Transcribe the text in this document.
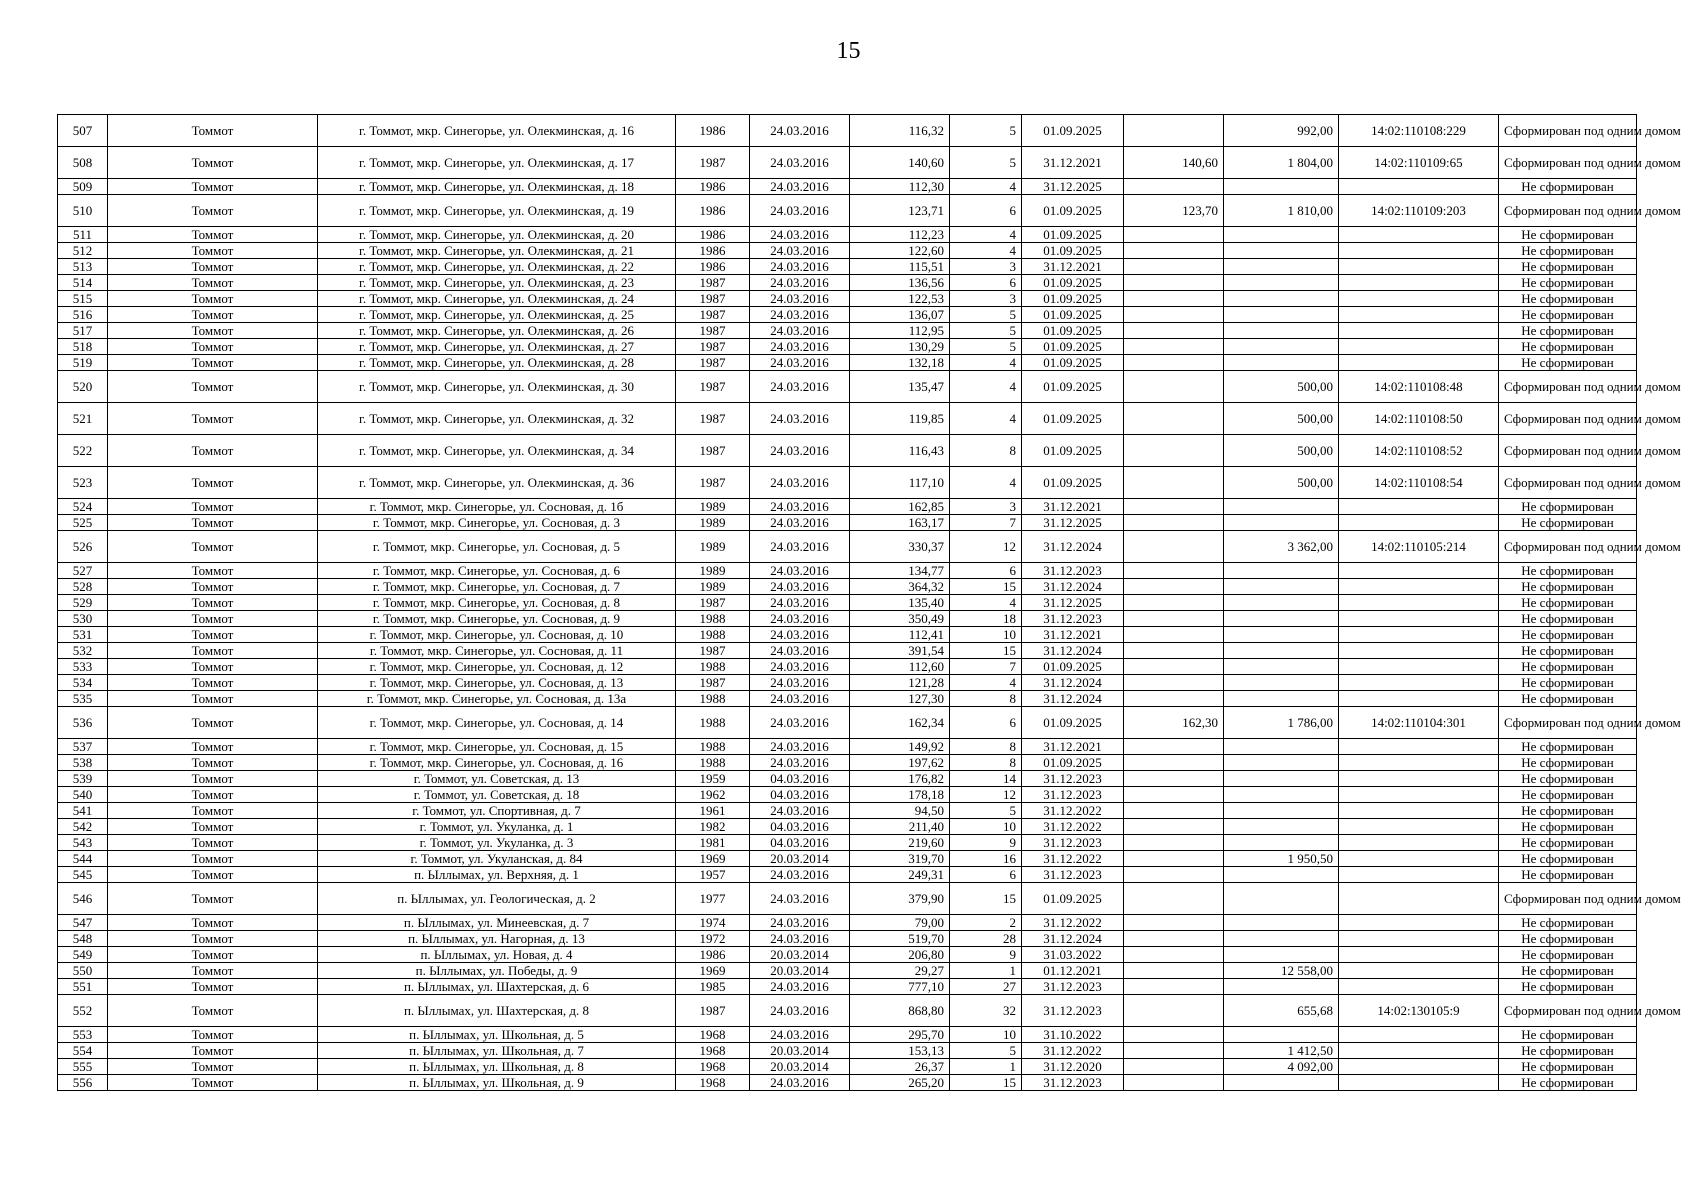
15
507	Томмот	г. Томмот, мкр. Синегорье, ул. Олекминская, д. 16	1986	24.03.2016	116,32	5	01.09.2025		992,00	14:02:110108:229	Сформирован под одним домом
508	Томмот	г. Томмот, мкр. Синегорье, ул. Олекминская, д. 17	1987	24.03.2016	140,60	5	31.12.2021	140,60	1 804,00	14:02:110109:65	Сформирован под одним домом
509	Томмот	г. Томмот, мкр. Синегорье, ул. Олекминская, д. 18	1986	24.03.2016	112,30	4	31.12.2025				Не сформирован
510	Томмот	г. Томмот, мкр. Синегорье, ул. Олекминская, д. 19	1986	24.03.2016	123,71	6	01.09.2025	123,70	1 810,00	14:02:110109:203	Сформирован под одним домом
511	Томмот	г. Томмот, мкр. Синегорье, ул. Олекминская, д. 20	1986	24.03.2016	112,23	4	01.09.2025				Не сформирован
512	Томмот	г. Томмот, мкр. Синегорье, ул. Олекминская, д. 21	1986	24.03.2016	122,60	4	01.09.2025				Не сформирован
513	Томмот	г. Томмот, мкр. Синегорье, ул. Олекминская, д. 22	1986	24.03.2016	115,51	3	31.12.2021				Не сформирован
514	Томмот	г. Томмот, мкр. Синегорье, ул. Олекминская, д. 23	1987	24.03.2016	136,56	6	01.09.2025				Не сформирован
515	Томмот	г. Томмот, мкр. Синегорье, ул. Олекминская, д. 24	1987	24.03.2016	122,53	3	01.09.2025				Не сформирован
516	Томмот	г. Томмот, мкр. Синегорье, ул. Олекминская, д. 25	1987	24.03.2016	136,07	5	01.09.2025				Не сформирован
517	Томмот	г. Томмот, мкр. Синегорье, ул. Олекминская, д. 26	1987	24.03.2016	112,95	5	01.09.2025				Не сформирован
518	Томмот	г. Томмот, мкр. Синегорье, ул. Олекминская, д. 27	1987	24.03.2016	130,29	5	01.09.2025				Не сформирован
519	Томмот	г. Томмот, мкр. Синегорье, ул. Олекминская, д. 28	1987	24.03.2016	132,18	4	01.09.2025				Не сформирован
520	Томмот	г. Томмот, мкр. Синегорье, ул. Олекминская, д. 30	1987	24.03.2016	135,47	4	01.09.2025		500,00	14:02:110108:48	Сформирован под одним домом
521	Томмот	г. Томмот, мкр. Синегорье, ул. Олекминская, д. 32	1987	24.03.2016	119,85	4	01.09.2025		500,00	14:02:110108:50	Сформирован под одним домом
522	Томмот	г. Томмот, мкр. Синегорье, ул. Олекминская, д. 34	1987	24.03.2016	116,43	8	01.09.2025		500,00	14:02:110108:52	Сформирован под одним домом
523	Томмот	г. Томмот, мкр. Синегорье, ул. Олекминская, д. 36	1987	24.03.2016	117,10	4	01.09.2025		500,00	14:02:110108:54	Сформирован под одним домом
524	Томмот	г. Томмот, мкр. Синегорье, ул. Сосновая, д. 1б	1989	24.03.2016	162,85	3	31.12.2021				Не сформирован
525	Томмот	г. Томмот, мкр. Синегорье, ул. Сосновая, д. 3	1989	24.03.2016	163,17	7	31.12.2025				Не сформирован
526	Томмот	г. Томмот, мкр. Синегорье, ул. Сосновая, д. 5	1989	24.03.2016	330,37	12	31.12.2024		3 362,00	14:02:110105:214	Сформирован под одним домом
527	Томмот	г. Томмот, мкр. Синегорье, ул. Сосновая, д. 6	1989	24.03.2016	134,77	6	31.12.2023				Не сформирован
528	Томмот	г. Томмот, мкр. Синегорье, ул. Сосновая, д. 7	1989	24.03.2016	364,32	15	31.12.2024				Не сформирован
529	Томмот	г. Томмот, мкр. Синегорье, ул. Сосновая, д. 8	1987	24.03.2016	135,40	4	31.12.2025				Не сформирован
530	Томмот	г. Томмот, мкр. Синегорье, ул. Сосновая, д. 9	1988	24.03.2016	350,49	18	31.12.2023				Не сформирован
531	Томмот	г. Томмот, мкр. Синегорье, ул. Сосновая, д. 10	1988	24.03.2016	112,41	10	31.12.2021				Не сформирован
532	Томмот	г. Томмот, мкр. Синегорье, ул. Сосновая, д. 11	1987	24.03.2016	391,54	15	31.12.2024				Не сформирован
533	Томмот	г. Томмот, мкр. Синегорье, ул. Сосновая, д. 12	1988	24.03.2016	112,60	7	01.09.2025				Не сформирован
534	Томмот	г. Томмот, мкр. Синегорье, ул. Сосновая, д. 13	1987	24.03.2016	121,28	4	31.12.2024				Не сформирован
535	Томмот	г. Томмот, мкр. Синегорье, ул. Сосновая, д. 13а	1988	24.03.2016	127,30	8	31.12.2024				Не сформирован
536	Томмот	г. Томмот, мкр. Синегорье, ул. Сосновая, д. 14	1988	24.03.2016	162,34	6	01.09.2025	162,30	1 786,00	14:02:110104:301	Сформирован под одним домом
537	Томмот	г. Томмот, мкр. Синегорье, ул. Сосновая, д. 15	1988	24.03.2016	149,92	8	31.12.2021				Не сформирован
538	Томмот	г. Томмот, мкр. Синегорье, ул. Сосновая, д. 16	1988	24.03.2016	197,62	8	01.09.2025				Не сформирован
539	Томмот	г. Томмот, ул. Советская, д. 13	1959	04.03.2016	176,82	14	31.12.2023				Не сформирован
540	Томмот	г. Томмот, ул. Советская, д. 18	1962	04.03.2016	178,18	12	31.12.2023				Не сформирован
541	Томмот	г. Томмот, ул. Спортивная, д. 7	1961	24.03.2016	94,50	5	31.12.2022				Не сформирован
542	Томмот	г. Томмот, ул. Укуланка, д. 1	1982	04.03.2016	211,40	10	31.12.2022				Не сформирован
543	Томмот	г. Томмот, ул. Укуланка, д. 3	1981	04.03.2016	219,60	9	31.12.2023				Не сформирован
544	Томмот	г. Томмот, ул. Укуланская, д. 84	1969	20.03.2014	319,70	16	31.12.2022		1 950,50		Не сформирован
545	Томмот	п. Ыллымах, ул. Верхняя, д. 1	1957	24.03.2016	249,31	6	31.12.2023				Не сформирован
546	Томмот	п. Ыллымах, ул. Геологическая, д. 2	1977	24.03.2016	379,90	15	01.09.2025				Сформирован под одним домом
547	Томмот	п. Ыллымах, ул. Минеевская, д. 7	1974	24.03.2016	79,00	2	31.12.2022				Не сформирован
548	Томмот	п. Ыллымах, ул. Нагорная, д. 13	1972	24.03.2016	519,70	28	31.12.2024				Не сформирован
549	Томмот	п. Ыллымах, ул. Новая, д. 4	1986	20.03.2014	206,80	9	31.03.2022				Не сформирован
550	Томмот	п. Ыллымах, ул. Победы, д. 9	1969	20.03.2014	29,27	1	01.12.2021		12 558,00		Не сформирован
551	Томмот	п. Ыллымах, ул. Шахтерская, д. 6	1985	24.03.2016	777,10	27	31.12.2023				Не сформирован
552	Томмот	п. Ыллымах, ул. Шахтерская, д. 8	1987	24.03.2016	868,80	32	31.12.2023		655,68	14:02:130105:9	Сформирован под одним домом
553	Томмот	п. Ыллымах, ул. Школьная, д. 5	1968	24.03.2016	295,70	10	31.10.2022				Не сформирован
554	Томмот	п. Ыллымах, ул. Школьная, д. 7	1968	20.03.2014	153,13	5	31.12.2022		1 412,50		Не сформирован
555	Томмот	п. Ыллымах, ул. Школьная, д. 8	1968	20.03.2014	26,37	1	31.12.2020		4 092,00		Не сформирован
556	Томмот	п. Ыллымах, ул. Школьная, д. 9	1968	24.03.2016	265,20	15	31.12.2023				Не сформирован
